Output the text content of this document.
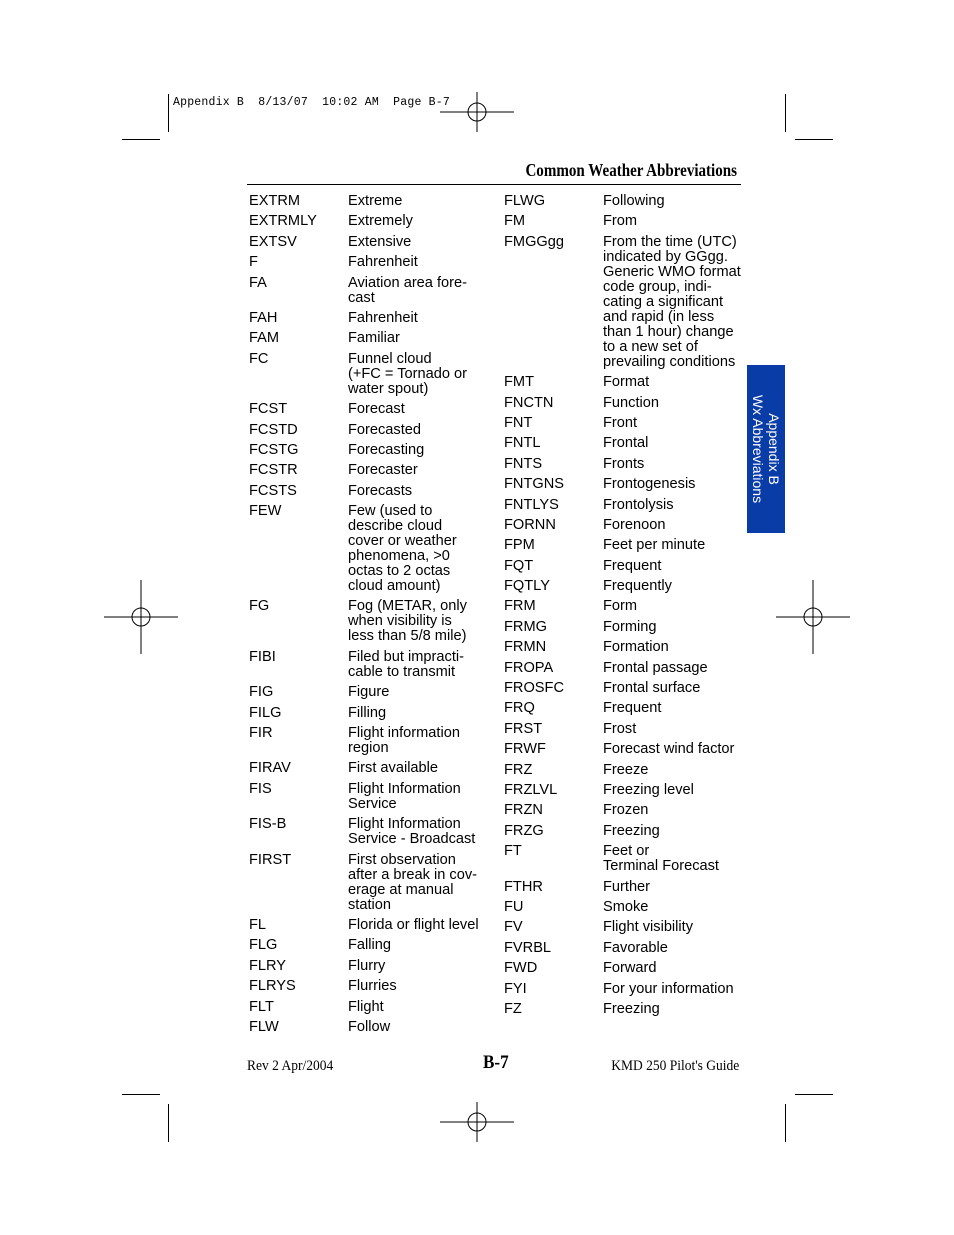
Appendix B  8/13/07  10:02 AM  Page B-7
Common Weather Abbreviations
EXTRM	Extreme
EXTRMLY	Extremely
EXTSV	Extensive
F	Fahrenheit
FA	Aviation area fore-
cast
FAH	Fahrenheit
FAM	Familiar
FC	Funnel cloud
(+FC = Tornado or
water spout)
FCST	Forecast
FCSTD	Forecasted
FCSTG	Forecasting
FCSTR	Forecaster
FCSTS	Forecasts
FEW	Few (used to
describe cloud
cover or weather
phenomena, >0
octas to 2 octas
cloud amount)
FG	Fog (METAR, only
when visibility is
less than 5/8 mile)
FIBI	Filed but impracti-
cable to transmit
FIG	Figure
FILG	Filling
FIR	Flight information
region
FIRAV	First available
FIS	Flight Information
Service
FIS-B	Flight Information
Service - Broadcast
FIRST	First observation
after a break in cov-
erage at manual
station
FL	Florida or flight level
FLG	Falling
FLRY	Flurry
FLRYS	Flurries
FLT	Flight
FLW	Follow
FLWG	Following
FM	From
FMGGgg	From the time (UTC)
indicated by GGgg.
Generic WMO format
code group, indi-
cating a significant
and rapid (in less
than 1 hour) change
to a new set of
prevailing conditions
FMT	Format
FNCTN	Function
FNT	Front
FNTL	Frontal
FNTS	Fronts
FNTGNS	Frontogenesis
FNTLYS	Frontolysis
FORNN	Forenoon
FPM	Feet per minute
FQT	Frequent
FQTLY	Frequently
FRM	Form
FRMG	Forming
FRMN	Formation
FROPA	Frontal passage
FROSFC	Frontal surface
FRQ	Frequent
FRST	Frost
FRWF	Forecast wind factor
FRZ	Freeze
FRZLVL	Freezing level
FRZN	Frozen
FRZG	Freezing
FT	Feet or
Terminal Forecast
FTHR	Further
FU	Smoke
FV	Flight visibility
FVRBL	Favorable
FWD	Forward
FYI	For your information
FZ	Freezing
Appendix B
Wx Abbreviations
Rev 2 Apr/2004	B-7	KMD 250 Pilot's Guide
